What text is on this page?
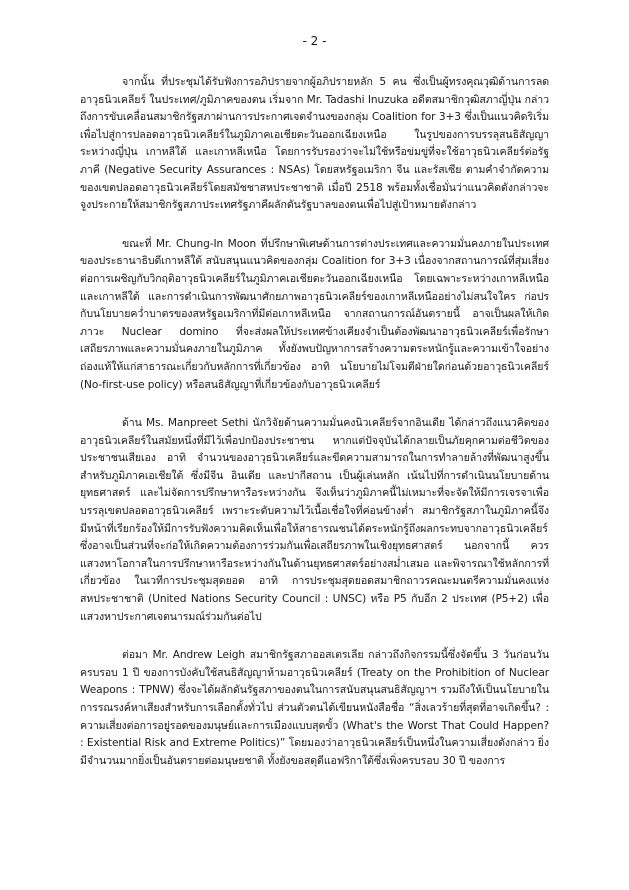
- 2 -

จากนั้น ที่ประชุมได้รับฟังการอภิปรายจากผู้อภิปรายหลัก 5 คน ซึ่งเป็นผู้ทรงคุณวุฒิด้านการลดอาวุธนิวเคลียร์ ในประเทศ/ภูมิภาคของตน เริ่มจาก Mr. Tadashi Inuzuka อดีตสมาชิกวุฒิสภาญี่ปุ่น กล่าวถึงการขับเคลื่อนสมาชิกรัฐสภาผ่านการประกาศเจตจำนงของกลุ่ม Coalition for 3+3 ซึ่งเป็นแนวคิดริเริ่มเพื่อไปสู่การปลอดอาวุธนิวเคลียร์ในภูมิภาคเอเชียตะวันออกเฉียงเหนือ ในรูปของการบรรลุสนธิสัญญาระหว่างญี่ปุ่น เกาหลีใต้ และเกาหลีเหนือ โดยการรับรองว่าจะไม่ใช้หรือข่มขู่ที่จะใช้อาวุธนิวเคลียร์ต่อรัฐภาคี (Negative Security Assurances : NSAs) โดยสหรัฐอเมริกา จีน และรัสเซีย ตามคำจำกัดความของเขตปลอดอาวุธนิวเคลียร์โดยสมัชชาสหประชาชาติ เมื่อปี 2518 พร้อมทั้งเชื่อมั่นว่าแนวคิดดังกล่าวจะจูงประกายให้สมาชิกรัฐสภาประเทศรัฐภาคีผลักดันรัฐบาลของตนเพื่อไปสู่เป้าหมายดังกล่าว

ขณะที่ Mr. Chung-In Moon ที่ปรึกษาพิเศษด้านการต่างประเทศและความมั่นคงภายในประเทศของประธานาธิบดีเกาหลีใต้ สนับสนุนแนวคิดของกลุ่ม Coalition for 3+3 เนื่องจากสถานการณ์ที่สุ่มเสี่ยงต่อการเผชิญกับวิกฤติอาวุธนิวเคลียร์ในภูมิภาคเอเชียตะวันออกเฉียงเหนือ โดยเฉพาะระหว่างเกาหลีเหนือและเกาหลีใต้ และการดำเนินการพัฒนาศักยภาพอาวุธนิวเคลียร์ของเกาหลีเหนืออย่างไม่สนใจใคร ก่อปรกับนโยบายคว่ำบาตรของสหรัฐอเมริกาที่มีต่อเกาหลีเหนือ จากสถานการณ์อันตรายนี้ อาจเป็นผลให้เกิดภาวะ Nuclear domino ที่จะส่งผลให้ประเทศข้างเคียงจำเป็นต้องพัฒนาอาวุธนิวเคลียร์เพื่อรักษาเสถียรภาพและความมั่นคงภายในภูมิภาค ทั้งยังพบปัญหาการสร้างความตระหนักรู้และความเข้าใจอย่างถ่องแท้ให้แก่สาธารณะเกี่ยวกับหลักการที่เกี่ยวข้อง อาทิ นโยบายไม่โจมตีฝ่ายใดก่อนด้วยอาวุธนิวเคลียร์ (No-first-use policy) หรือสนธิสัญญาที่เกี่ยวข้องกับอาวุธนิวเคลียร์

ด้าน Ms. Manpreet Sethi นักวิจัยด้านความมั่นคงนิวเคลียร์จากอินเดีย ได้กล่าวถึงแนวคิดของอาวุธนิวเคลียร์ในสมัยหนึ่งที่มีไว้เพื่อปกป้องประชาชน หากแต่ปัจจุบันได้กลายเป็นภัยคุกคามต่อชีวิตของประชาชนเสียเอง อาทิ จำนวนของอาวุธนิวเคลียร์และขีดความสามารถในการทำลายล้างที่พัฒนาสูงขึ้น สำหรับภูมิภาคเอเชียใต้ ซึ่งมีจีน อินเดีย และปากีสถาน เป็นผู้เล่นหลัก เน้นไปที่การดำเนินนโยบายด้านยุทธศาสตร์ และไม่จัดการปรึกษาหารือระหว่างกัน จึงเห็นว่าภูมิภาคนี้ไม่เหมาะที่จะจัดให้มีการเจรจาเพื่อบรรลุเขตปลอดอาวุธนิวเคลียร์ เพราะระดับความไว้เนื้อเชื่อใจที่ค่อนข้างต่ำ สมาชิกรัฐสภาในภูมิภาคนี้จึงมีหน้าที่เรียกร้องให้มีการรับฟังความคิดเห็นเพื่อให้สาธารณชนได้ตระหนักรู้ถึงผลกระทบจากอาวุธนิวเคลียร์ ซึ่งอาจเป็นส่วนที่จะก่อให้เกิดความต้องการร่วมกันเพื่อเสถียรภาพในเชิงยุทธศาสตร์ นอกจากนี้ ควรแสวงหาโอกาสในการปรึกษาหารือระหว่างกันในด้านยุทธศาสตร์อย่างสม่ำเสมอ และพิจารณาใช้หลักการที่เกี่ยวข้อง ในเวทีการประชุมสุดยอด อาทิ การประชุมสุดยอดสมาชิกถาวรคณะมนตรีความมั่นคงแห่งสหประชาชาติ (United Nations Security Council : UNSC) หรือ P5 กับอีก 2 ประเทศ (P5+2) เพื่อแสวงหาประกาศเจตนารมณ์ร่วมกันต่อไป

ต่อมา Mr. Andrew Leigh สมาชิกรัฐสภาออสเตรเลีย กล่าวถึงกิจกรรมนี้ซึ่งจัดขึ้น 3 วันก่อนวันครบรอบ 1 ปี ของการบังคับใช้สนธิสัญญาห้ามอาวุธนิวเคลียร์ (Treaty on the Prohibition of Nuclear Weapons : TPNW) ซึ่งจะได้ผลักดันรัฐสภาของตนในการสนับสนุนสนธิสัญญาฯ รวมถึงให้เป็นนโยบายในการรณรงค์หาเสียงสำหรับการเลือกตั้งทั่วไป ส่วนตัวตนได้เขียนหนังสือชื่อ “สิ่งเลวร้ายที่สุดที่อาจเกิดขึ้น? : ความเสี่ยงต่อการอยู่รอดของมนุษย์และการเมืองแบบสุดขั้ว (What's the Worst That Could Happen? : Existential Risk and Extreme Politics)” โดยมองว่าอาวุธนิวเคลียร์เป็นหนึ่งในความเสี่ยงดังกล่าว ยิ่งมีจำนวนมากยิ่งเป็นอันตรายต่อมนุษยชาติ ทั้งยังขอสดุดีแอฟริกาใต้ซึ่งเพิ่งครบรอบ 30 ปี ของการ
